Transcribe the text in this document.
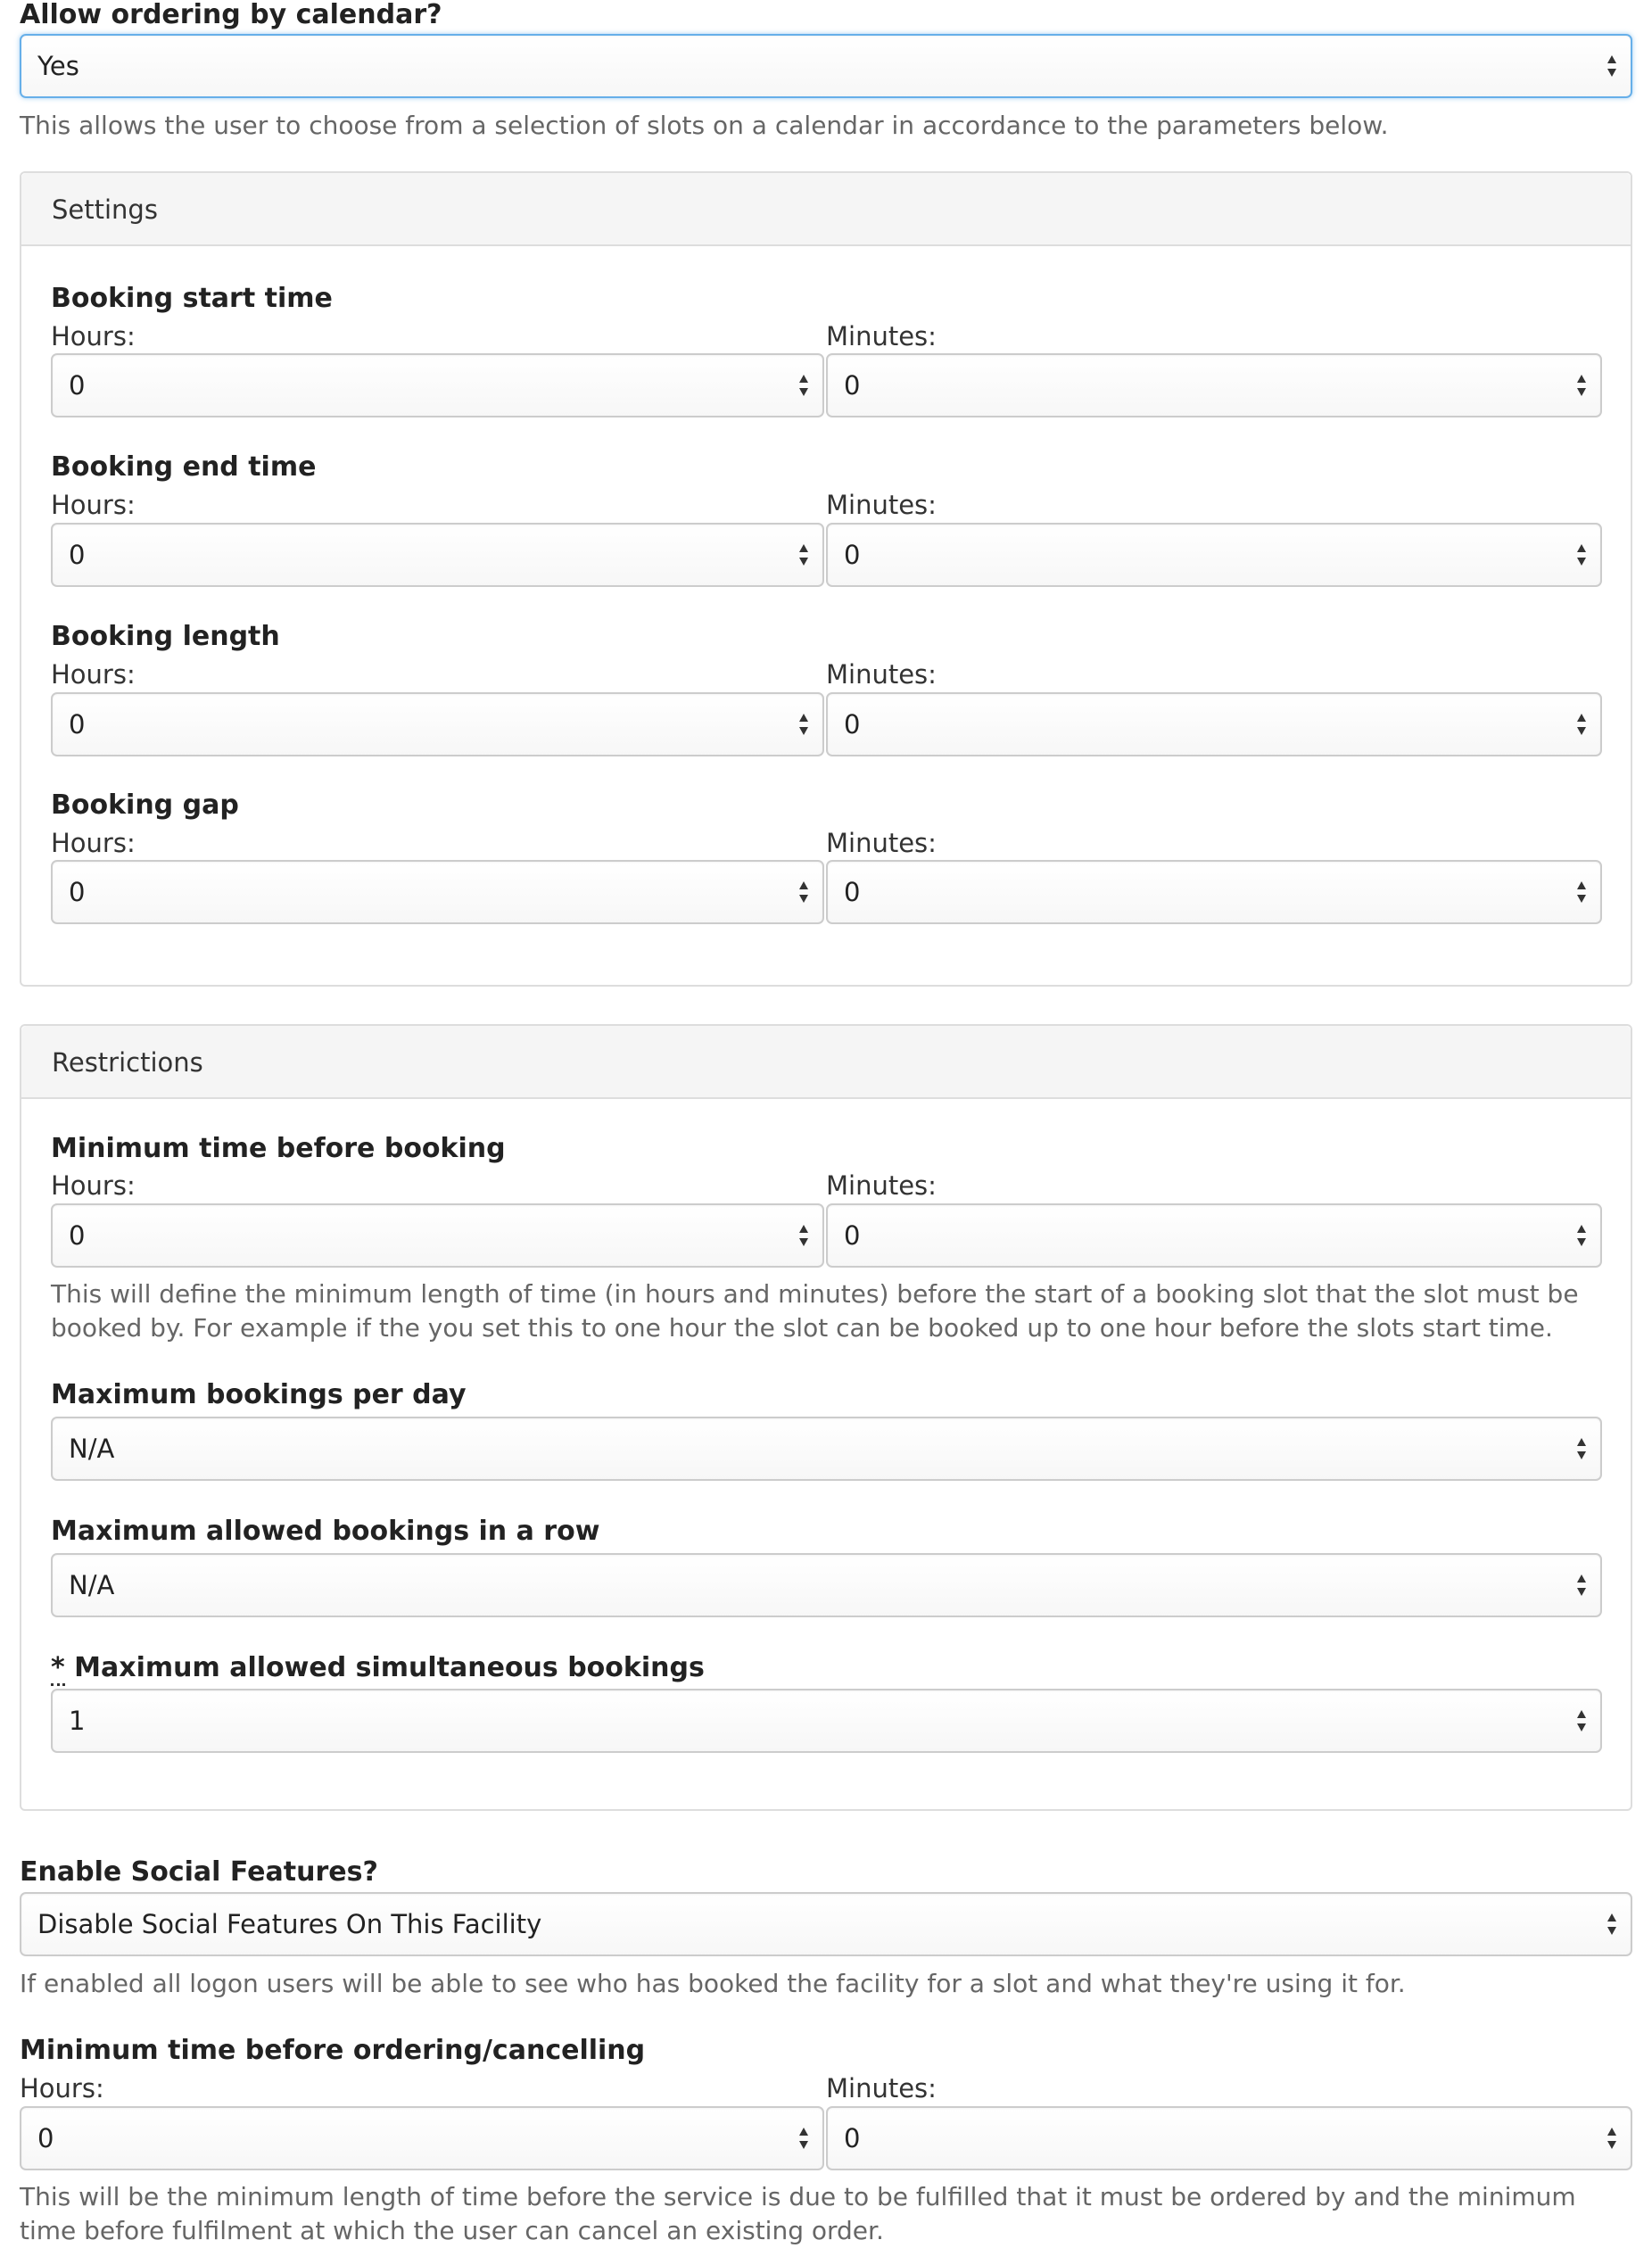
Allow ordering by calendar?
Yes
This allows the user to choose from a selection of slots on a calendar in accordance to the parameters below.
Settings
Booking start time
Hours:	Minutes:
0	0
Booking end time
Hours:	Minutes:
0	0
Booking length
Hours:	Minutes:
0	0
Booking gap
Hours:	Minutes:
0	0
Restrictions
Minimum time before booking
Hours:	Minutes:
0	0
This will define the minimum length of time (in hours and minutes) before the start of a booking slot that the slot must be
booked by. For example if the you set this to one hour the slot can be booked up to one hour before the slots start time.
Maximum bookings per day
N/A
Maximum allowed bookings in a row
N/A
* Maximum allowed simultaneous bookings
1
Enable Social Features?
Disable Social Features On This Facility
If enabled all logon users will be able to see who has booked the facility for a slot and what they're using it for.
Minimum time before ordering/cancelling
Hours:	Minutes:
0	0
This will be the minimum length of time before the service is due to be fulfilled that it must be ordered by and the minimum
time before fulfilment at which the user can cancel an existing order.
